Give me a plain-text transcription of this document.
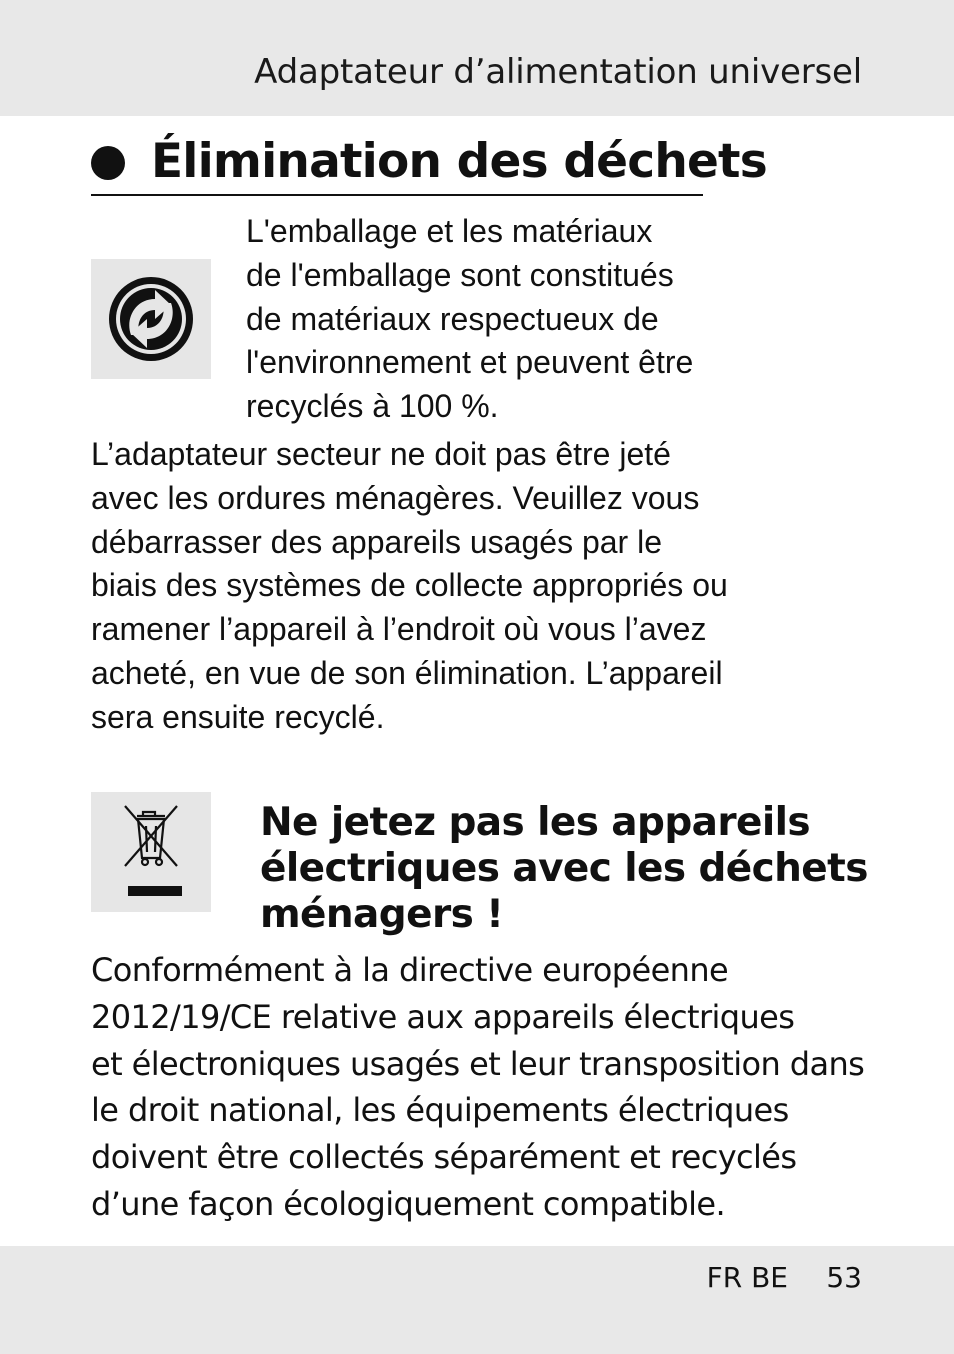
Adaptateur d’alimentation universel
Élimination des déchets

L'emballage et les matériaux
de l'emballage sont constitués
de matériaux respectueux de
l'environnement et peuvent être
recyclés à 100 %.

L’adaptateur secteur ne doit pas être jeté
avec les ordures ménagères. Veuillez vous
débarrasser des appareils usagés par le
biais des systèmes de collecte appropriés ou
ramener l’appareil à l’endroit où vous l’avez
acheté, en vue de son élimination. L’appareil
sera ensuite recyclé.

Ne jetez pas les appareils
électriques avec les déchets
ménagers !

Conformément à la directive européenne
2012/19/CE relative aux appareils électriques
et électroniques usagés et leur transposition dans
le droit national, les équipements électriques
doivent être collectés séparément et recyclés
d’une façon écologiquement compatible.

FR BE 53
